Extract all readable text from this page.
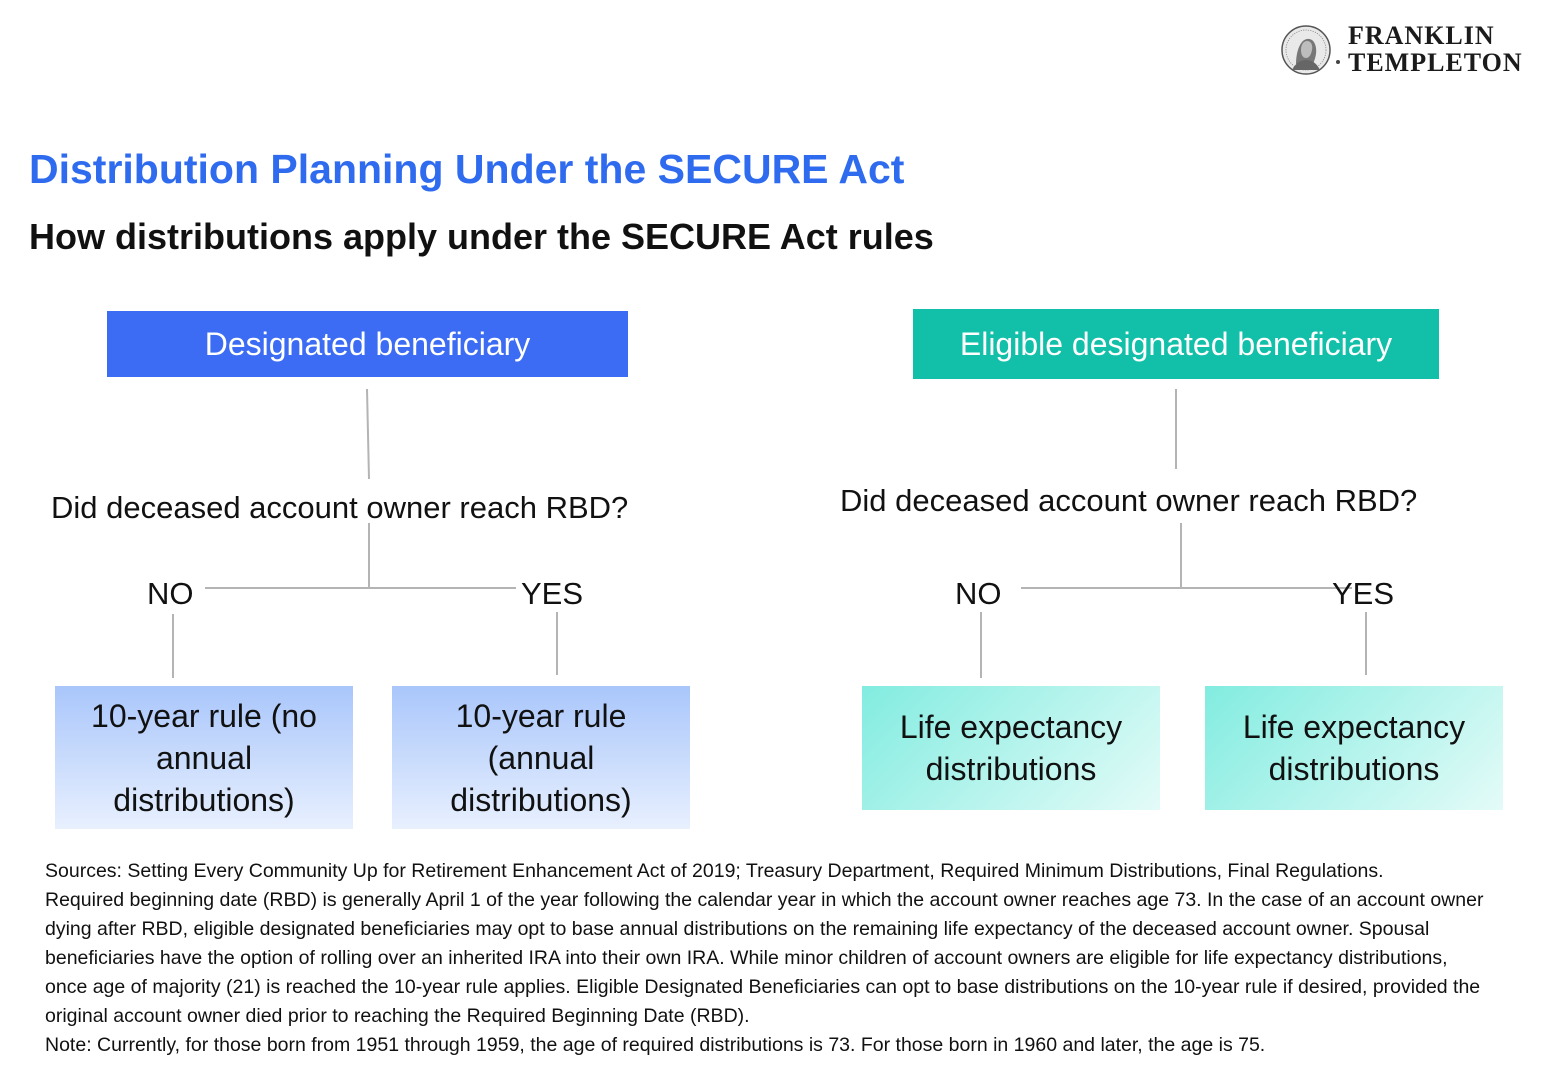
FRANKLIN
TEMPLETON
Distribution Planning Under the SECURE Act
How distributions apply under the SECURE Act rules
Designated beneficiary
Did deceased account owner reach RBD?
NO	YES
10-year rule (no annual distributions)
10-year rule (annual distributions)
Eligible designated beneficiary
Did deceased account owner reach RBD?
NO	YES
Life expectancy distributions
Life expectancy distributions

Sources: Setting Every Community Up for Retirement Enhancement Act of 2019; Treasury Department, Required Minimum Distributions, Final Regulations.

Required beginning date (RBD) is generally April 1 of the year following the calendar year in which the account owner reaches age 73. In the case of an account owner dying after RBD, eligible designated beneficiaries may opt to base annual distributions on the remaining life expectancy of the deceased account owner. Spousal beneficiaries have the option of rolling over an inherited IRA into their own IRA. While minor children of account owners are eligible for life expectancy distributions, once age of majority (21) is reached the 10-year rule applies. Eligible Designated Beneficiaries can opt to base distributions on the 10-year rule if desired, provided the original account owner died prior to reaching the Required Beginning Date (RBD).

Note: Currently, for those born from 1951 through 1959, the age of required distributions is 73. For those born in 1960 and later, the age is 75.
